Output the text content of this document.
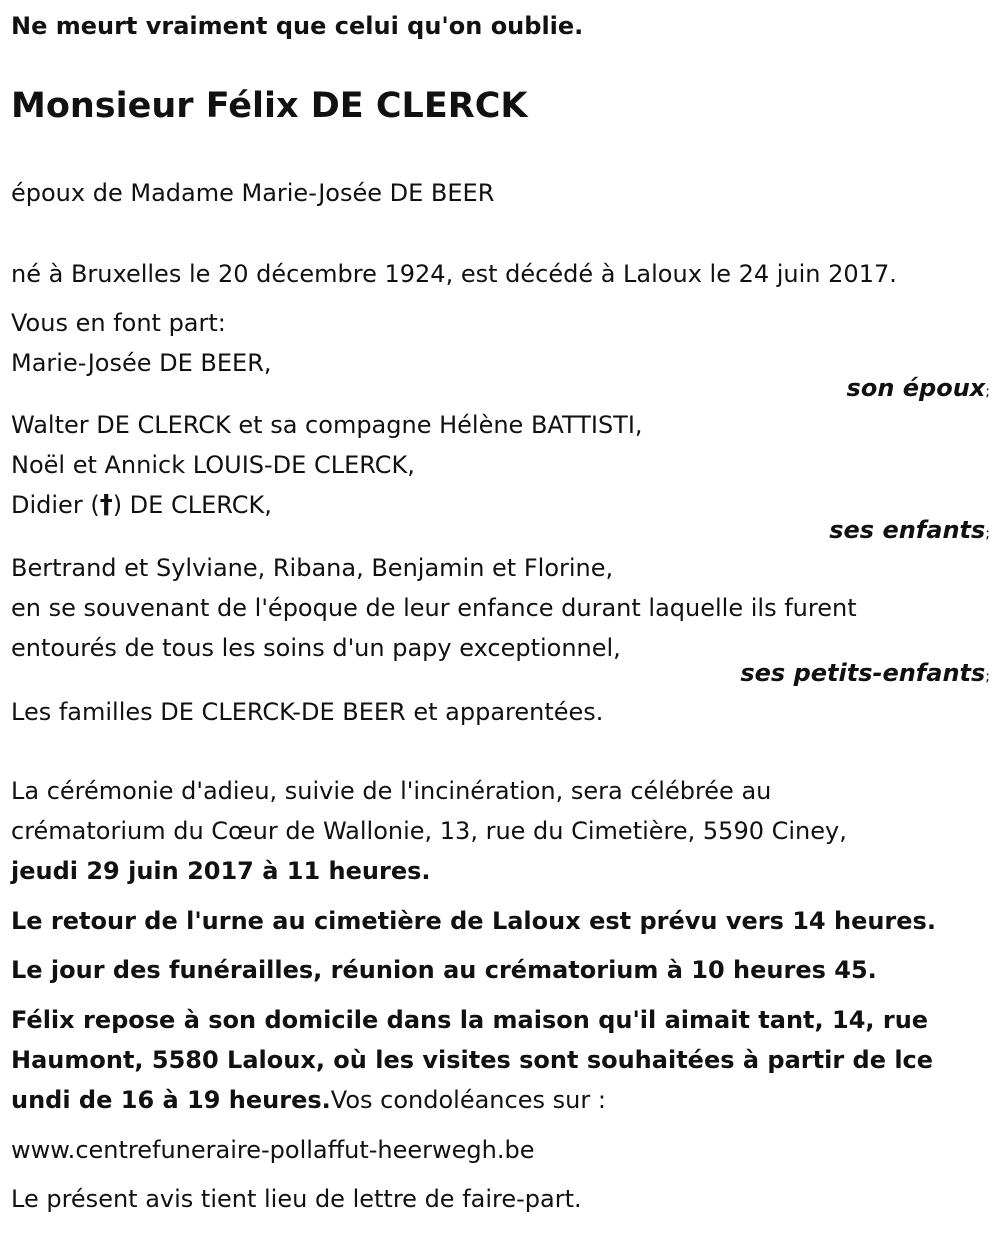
Ne meurt vraiment que celui qu'on oublie.
Monsieur Félix DE CLERCK
époux de Madame Marie-Josée DE BEER
né à Bruxelles le 20 décembre 1924, est décédé à Laloux le 24 juin 2017.
Vous en font part:
Marie-Josée DE BEER,
son époux;
Walter DE CLERCK et sa compagne Hélène BATTISTI,
Noël et Annick LOUIS-DE CLERCK,
Didier (†) DE CLERCK,
ses enfants;
Bertrand et Sylviane, Ribana, Benjamin et Florine,
en se souvenant de l'époque de leur enfance durant laquelle ils furent
entourés de tous les soins d'un papy exceptionnel,
ses petits-enfants;
Les familles DE CLERCK-DE BEER et apparentées.
La cérémonie d'adieu, suivie de l'incinération, sera célébrée au
crématorium du Cœur de Wallonie, 13, rue du Cimetière, 5590 Ciney,
jeudi 29 juin 2017 à 11 heures.
Le retour de l'urne au cimetière de Laloux est prévu vers 14 heures.
Le jour des funérailles, réunion au crématorium à 10 heures 45.
Félix repose à son domicile dans la maison qu'il aimait tant, 14, rue
Haumont, 5580 Laloux, où les visites sont souhaitées à partir de lce
undi de 16 à 19 heures.Vos condoléances sur :
www.centrefuneraire-pollaffut-heerwegh.be
Le présent avis tient lieu de lettre de faire-part.
